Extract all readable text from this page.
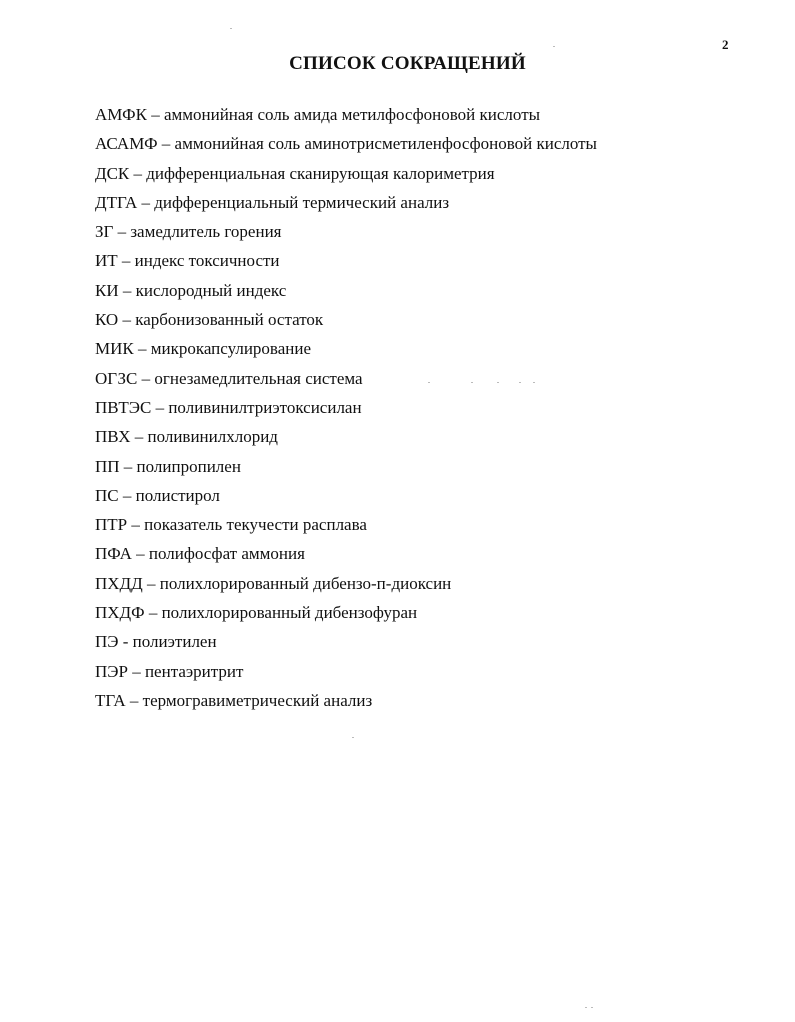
2
СПИСОК СОКРАЩЕНИЙ
АМФК – аммонийная соль амида метилфосфоновой кислоты
АСАМФ – аммонийная соль аминотрисметиленфосфоновой кислоты
ДСК – дифференциальная сканирующая калориметрия
ДТГА – дифференциальный термический анализ
ЗГ – замедлитель горения
ИТ – индекс токсичности
КИ – кислородный индекс
КО – карбонизованный остаток
МИК – микрокапсулирование
ОГЗС – огнезамедлительная система
ПВТЭС – поливинилтриэтоксисилан
ПВХ – поливинилхлорид
ПП – полипропилен
ПС – полистирол
ПТР – показатель текучести расплава
ПФА – полифосфат аммония
ПХДД – полихлорированный дибензо-п-диоксин
ПХДФ – полихлорированный дибензофуран
ПЭ - полиэтилен
ПЭР – пентаэритрит
ТГА – термогравиметрический анализ
